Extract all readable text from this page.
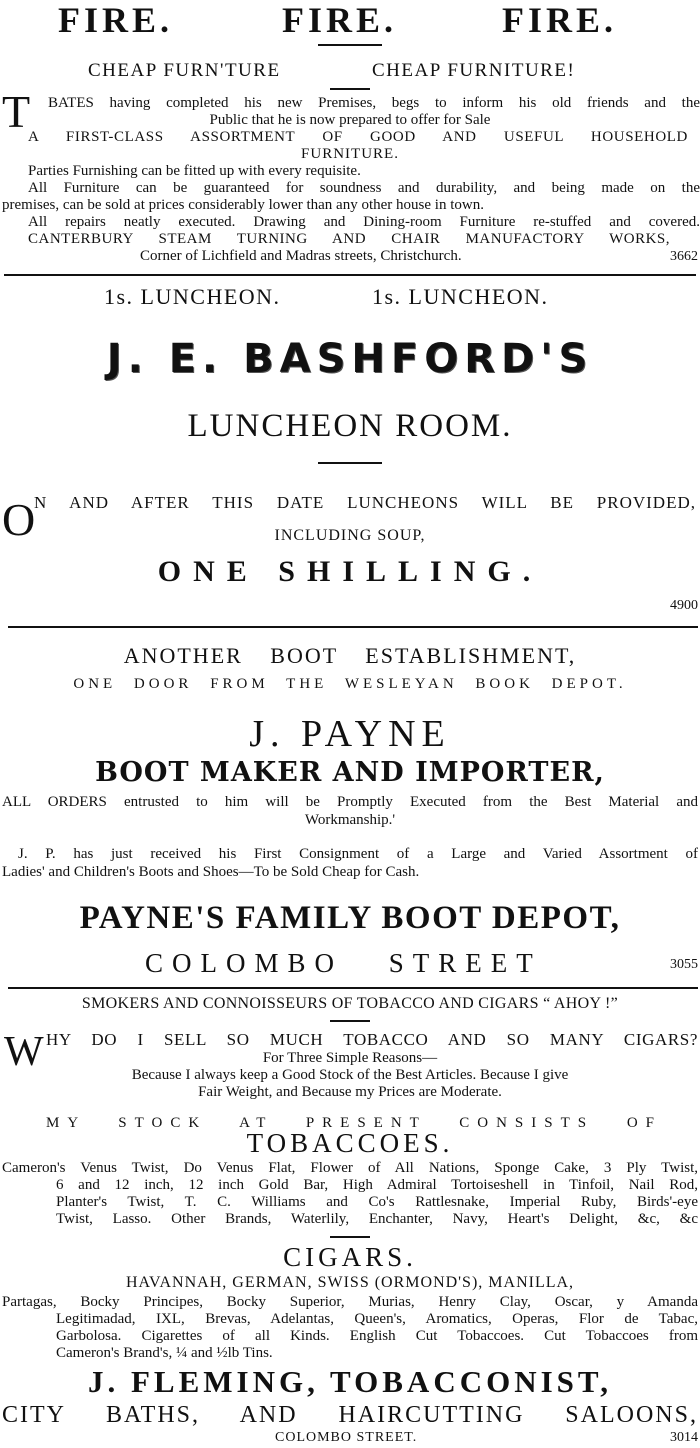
FIRE.	FIRE.	FIRE.
CHEAP FURN'TURE	CHEAP FURNITURE!
T BATES having completed his new Premises, begs to inform his old friends and the
Public that he is now prepared to offer for Sale
A FIRST-CLASS ASSORTMENT OF GOOD AND USEFUL HOUSEHOLD
FURNITURE.
Parties Furnishing can be fitted up with every requisite.
All Furniture can be guaranteed for soundness and durability, and being made on the
premises, can be sold at prices considerably lower than any other house in town.
All repairs neatly executed. Drawing and Dining-room Furniture re-stuffed and covered.
CANTERBURY STEAM TURNING AND CHAIR MANUFACTORY WORKS,
Corner of Lichfield and Madras streets, Christchurch.	3662
1s. LUNCHEON.	1s. LUNCHEON.
J. E. BASHFORD'S
LUNCHEON ROOM.
O
N AND AFTER THIS DATE LUNCHEONS WILL BE PROVIDED,
INCLUDING SOUP,
ONE SHILLING.
4900
ANOTHER BOOT ESTABLISHMENT,
ONE DOOR FROM THE WESLEYAN BOOK DEPOT.
J. PAYNE
BOOT MAKER AND IMPORTER,
ALL ORDERS entrusted to him will be Promptly Executed from the Best Material and
Workmanship.'
J. P. has just received his First Consignment of a Large and Varied Assortment of
Ladies' and Children's Boots and Shoes—To be Sold Cheap for Cash.
PAYNE'S FAMILY BOOT DEPOT,
COLOMBO STREET	3055
SMOKERS AND CONNOISSEURS OF TOBACCO AND CIGARS “ AHOY !”
W HY DO I SELL SO MUCH TOBACCO AND SO MANY CIGARS?
For Three Simple Reasons—
Because I always keep a Good Stock of the Best Articles. Because I give
Fair Weight, and Because my Prices are Moderate.
MY STOCK AT PRESENT CONSISTS OF
TOBACCOES.
Cameron's Venus Twist, Do Venus Flat, Flower of All Nations, Sponge Cake, 3 Ply Twist,
6 and 12 inch, 12 inch Gold Bar, High Admiral Tortoiseshell in Tinfoil, Nail Rod,
Planter's Twist, T. C. Williams and Co's Rattlesnake, Imperial Ruby, Birds'-eye
Twist, Lasso. Other Brands, Waterlily, Enchanter, Navy, Heart's Delight, &c, &c
CIGARS.
HAVANNAH, GERMAN, SWISS (ORMOND'S), MANILLA,
Partagas, Bocky Principes, Bocky Superior, Murias, Henry Clay, Oscar, y Amanda
Legitimadad, IXL, Brevas, Adelantas, Queen's, Aromatics, Operas, Flor de Tabac,
Garbolosa. Cigarettes of all Kinds. English Cut Tobaccoes. Cut Tobaccoes from
Cameron's Brand's, ¼ and ½lb Tins.
J. FLEMING, TOBACCONIST,
CITY BATHS, AND HAIRCUTTING SALOONS,
COLOMBO STREET.	3014
